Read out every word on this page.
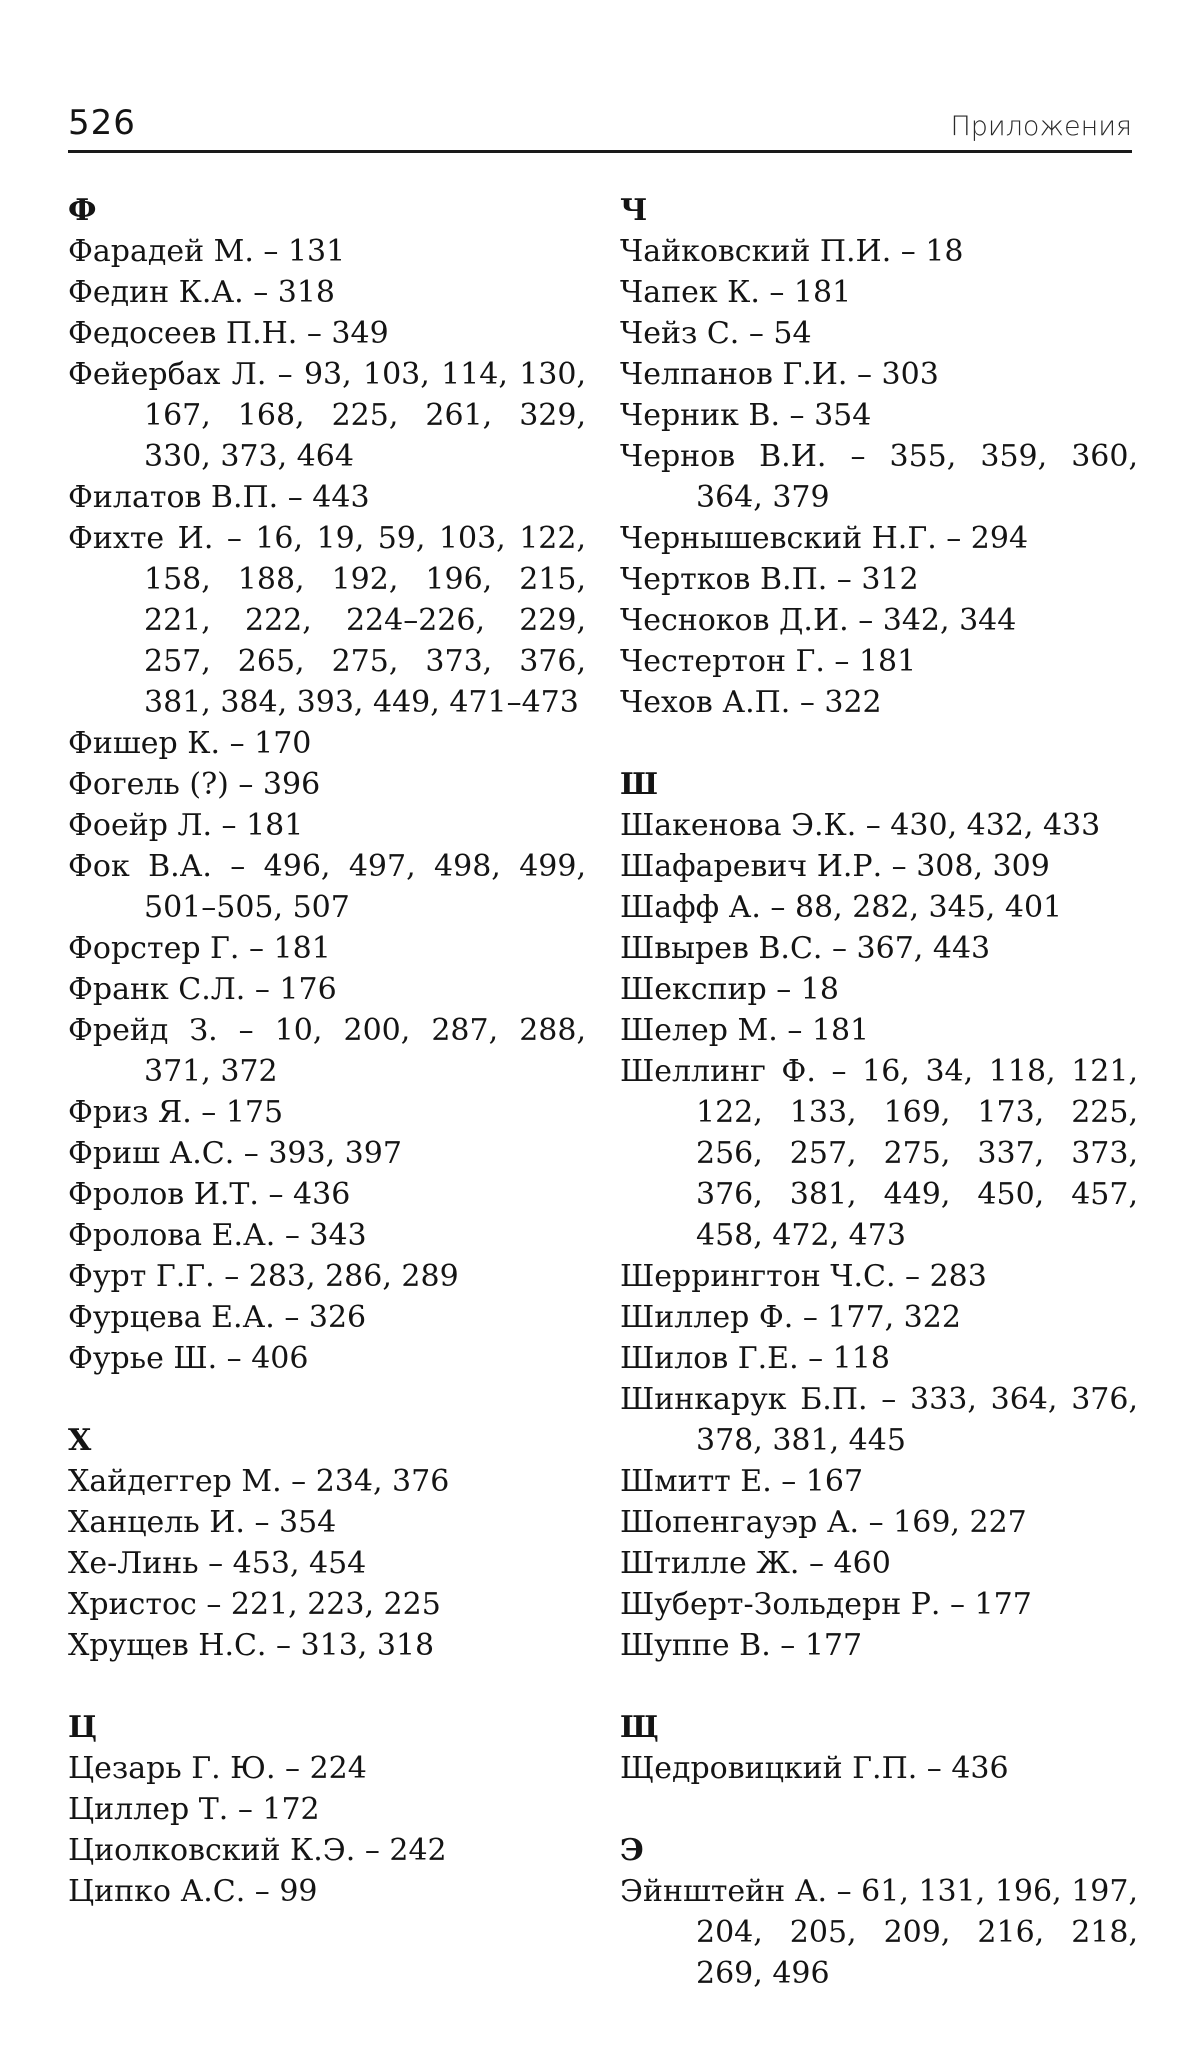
526	Приложения
Ф
Фарадей М. – 131
Федин К.А. – 318
Федосеев П.Н. – 349
Фейербах Л. – 93, 103, 114, 130, 167, 168, 225, 261, 329, 330, 373, 464
Филатов В.П. – 443
Фихте И. – 16, 19, 59, 103, 122, 158, 188, 192, 196, 215, 221, 222, 224–226, 229, 257, 265, 275, 373, 376, 381, 384, 393, 449, 471–473
Фишер К. – 170
Фогель (?) – 396
Фоейр Л. – 181
Фок В.А. – 496, 497, 498, 499, 501–505, 507
Форстер Г. – 181
Франк С.Л. – 176
Фрейд З. – 10, 200, 287, 288, 371, 372
Фриз Я. – 175
Фриш А.С. – 393, 397
Фролов И.Т. – 436
Фролова Е.А. – 343
Фурт Г.Г. – 283, 286, 289
Фурцева Е.А. – 326
Фурье Ш. – 406
Х
Хайдеггер М. – 234, 376
Ханцель И. – 354
Хе-Линь – 453, 454
Христос – 221, 223, 225
Хрущев Н.С. – 313, 318
Ц
Цезарь Г. Ю. – 224
Циллер Т. – 172
Циолковский К.Э. – 242
Ципко А.С. – 99
Ч
Чайковский П.И. – 18
Чапек К. – 181
Чейз С. – 54
Челпанов Г.И. – 303
Черник В. – 354
Чернов В.И. – 355, 359, 360, 364, 379
Чернышевский Н.Г. – 294
Чертков В.П. – 312
Чесноков Д.И. – 342, 344
Честертон Г. – 181
Чехов А.П. – 322
Ш
Шакенова Э.К. – 430, 432, 433
Шафаревич И.Р. – 308, 309
Шафф А. – 88, 282, 345, 401
Швырев В.С. – 367, 443
Шекспир – 18
Шелер М. – 181
Шеллинг Ф. – 16, 34, 118, 121, 122, 133, 169, 173, 225, 256, 257, 275, 337, 373, 376, 381, 449, 450, 457, 458, 472, 473
Шеррингтон Ч.С. – 283
Шиллер Ф. – 177, 322
Шилов Г.Е. – 118
Шинкарук Б.П. – 333, 364, 376, 378, 381, 445
Шмитт Е. – 167
Шопенгауэр А. – 169, 227
Штилле Ж. – 460
Шуберт-Зольдерн Р. – 177
Шуппе В. – 177
Щ
Щедровицкий Г.П. – 436
Э
Эйнштейн А. – 61, 131, 196, 197, 204, 205, 209, 216, 218, 269, 496
